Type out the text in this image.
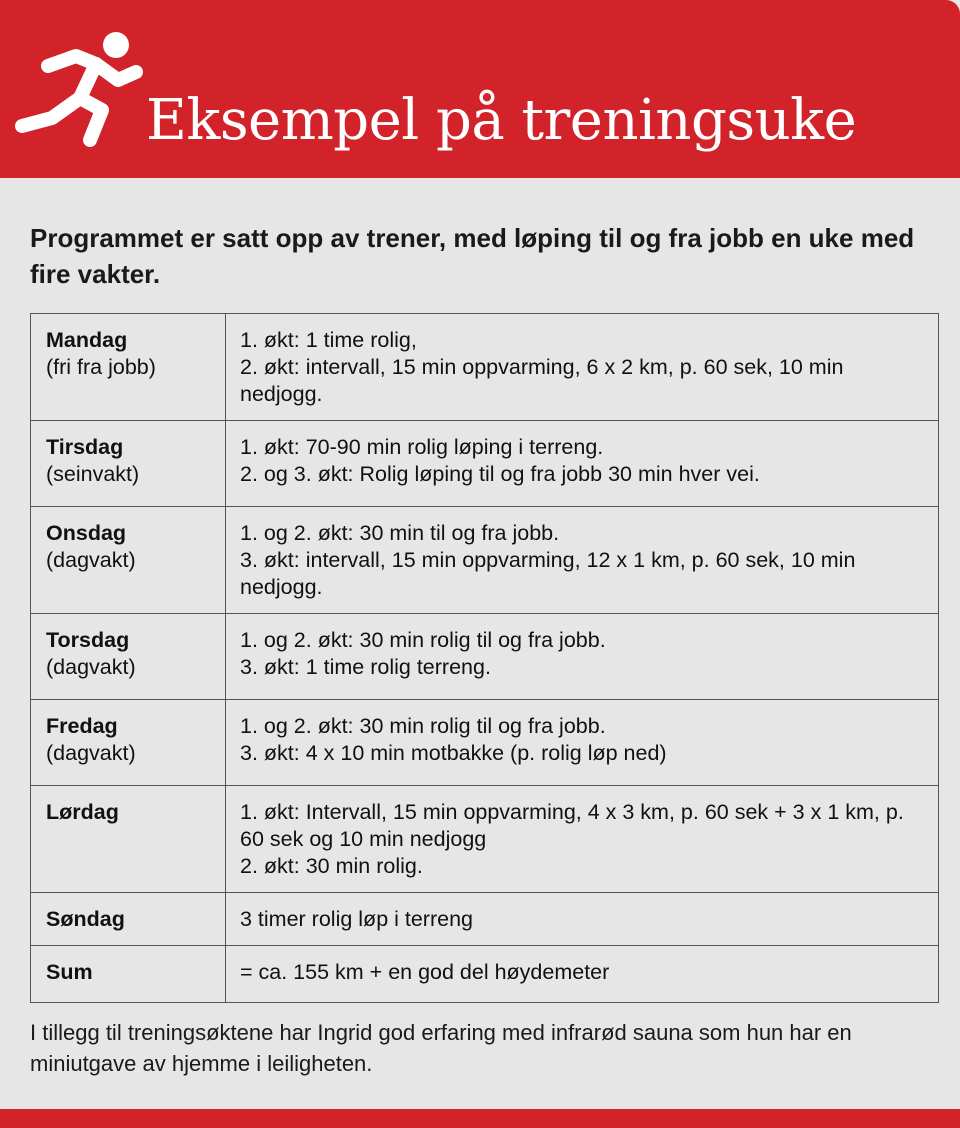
Eksempel på treningsuke
Programmet er satt opp av trener, med løping til og fra jobb en uke med fire vakter.
Mandag
(fri fra jobb)	1. økt: 1 time rolig,
2. økt: intervall, 15 min oppvarming, 6 x 2 km, p. 60 sek, 10 min nedjogg.

Tirsdag
(seinvakt)	1. økt: 70-90 min rolig løping i terreng.
2. og 3. økt: Rolig løping til og fra jobb 30 min hver vei.

Onsdag
(dagvakt)	1. og 2. økt: 30 min til og fra jobb.
3. økt: intervall, 15 min oppvarming, 12 x 1 km, p. 60 sek, 10 min nedjogg.

Torsdag
(dagvakt)	1. og 2. økt: 30 min rolig til og fra jobb.
3. økt: 1 time rolig terreng.

Fredag
(dagvakt)	1. og 2. økt: 30 min rolig til og fra jobb.
3. økt: 4 x 10 min motbakke (p. rolig løp ned)

Lørdag	1. økt: Intervall, 15 min oppvarming, 4 x 3 km, p. 60 sek + 3 x 1 km, p. 60 sek og 10 min nedjogg
2. økt: 30 min rolig.

Søndag	3 timer rolig løp i terreng

Sum	= ca. 155 km + en god del høydemeter
I tillegg til treningsøktene har Ingrid god erfaring med infrarød sauna som hun har en miniutgave av hjemme i leiligheten.
